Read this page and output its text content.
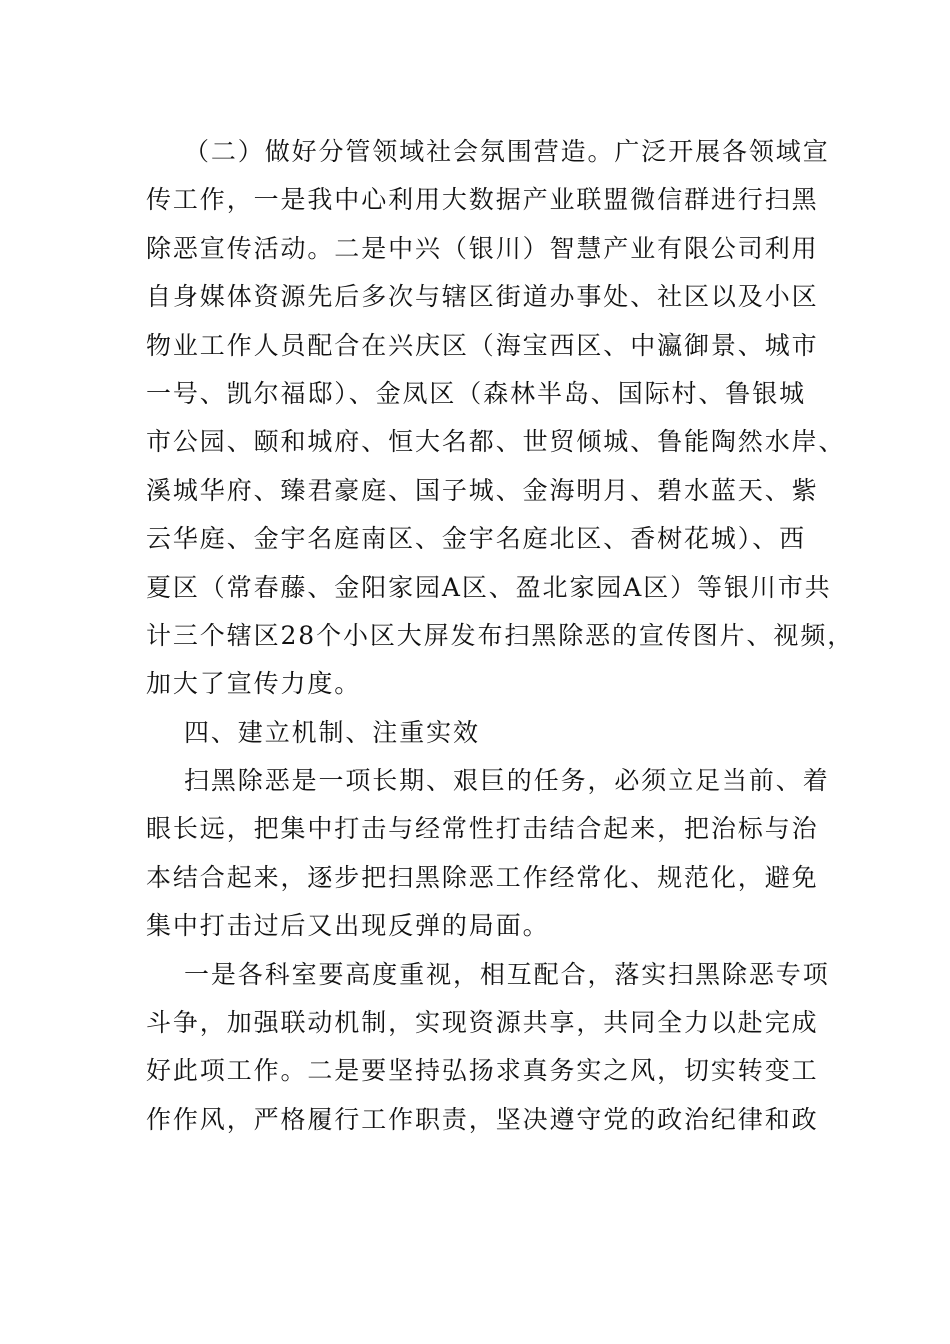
（二）做好分管领域社会氛围营造。广泛开展各领域宣
传工作，一是我中心利用大数据产业联盟微信群进行扫黑
除恶宣传活动。二是中兴（银川）智慧产业有限公司利用
自身媒体资源先后多次与辖区街道办事处、社区以及小区
物业工作人员配合在兴庆区（海宝西区、中瀛御景、城市
一号、凯尔福邸）、金凤区（森林半岛、国际村、鲁银城
市公园、颐和城府、恒大名都、世贸倾城、鲁能陶然水岸、
溪城华府、臻君豪庭、国子城、金海明月、碧水蓝天、紫
云华庭、金宇名庭南区、金宇名庭北区、香树花城）、西
夏区（常春藤、金阳家园A区、盈北家园A区）等银川市共
计三个辖区28个小区大屏发布扫黑除恶的宣传图片、视频，
加大了宣传力度。
四、建立机制、注重实效
扫黑除恶是一项长期、艰巨的任务，必须立足当前、着
眼长远，把集中打击与经常性打击结合起来，把治标与治
本结合起来，逐步把扫黑除恶工作经常化、规范化，避免
集中打击过后又出现反弹的局面。
一是各科室要高度重视，相互配合，落实扫黑除恶专项
斗争，加强联动机制，实现资源共享，共同全力以赴完成
好此项工作。二是要坚持弘扬求真务实之风，切实转变工
作作风，严格履行工作职责，坚决遵守党的政治纪律和政
